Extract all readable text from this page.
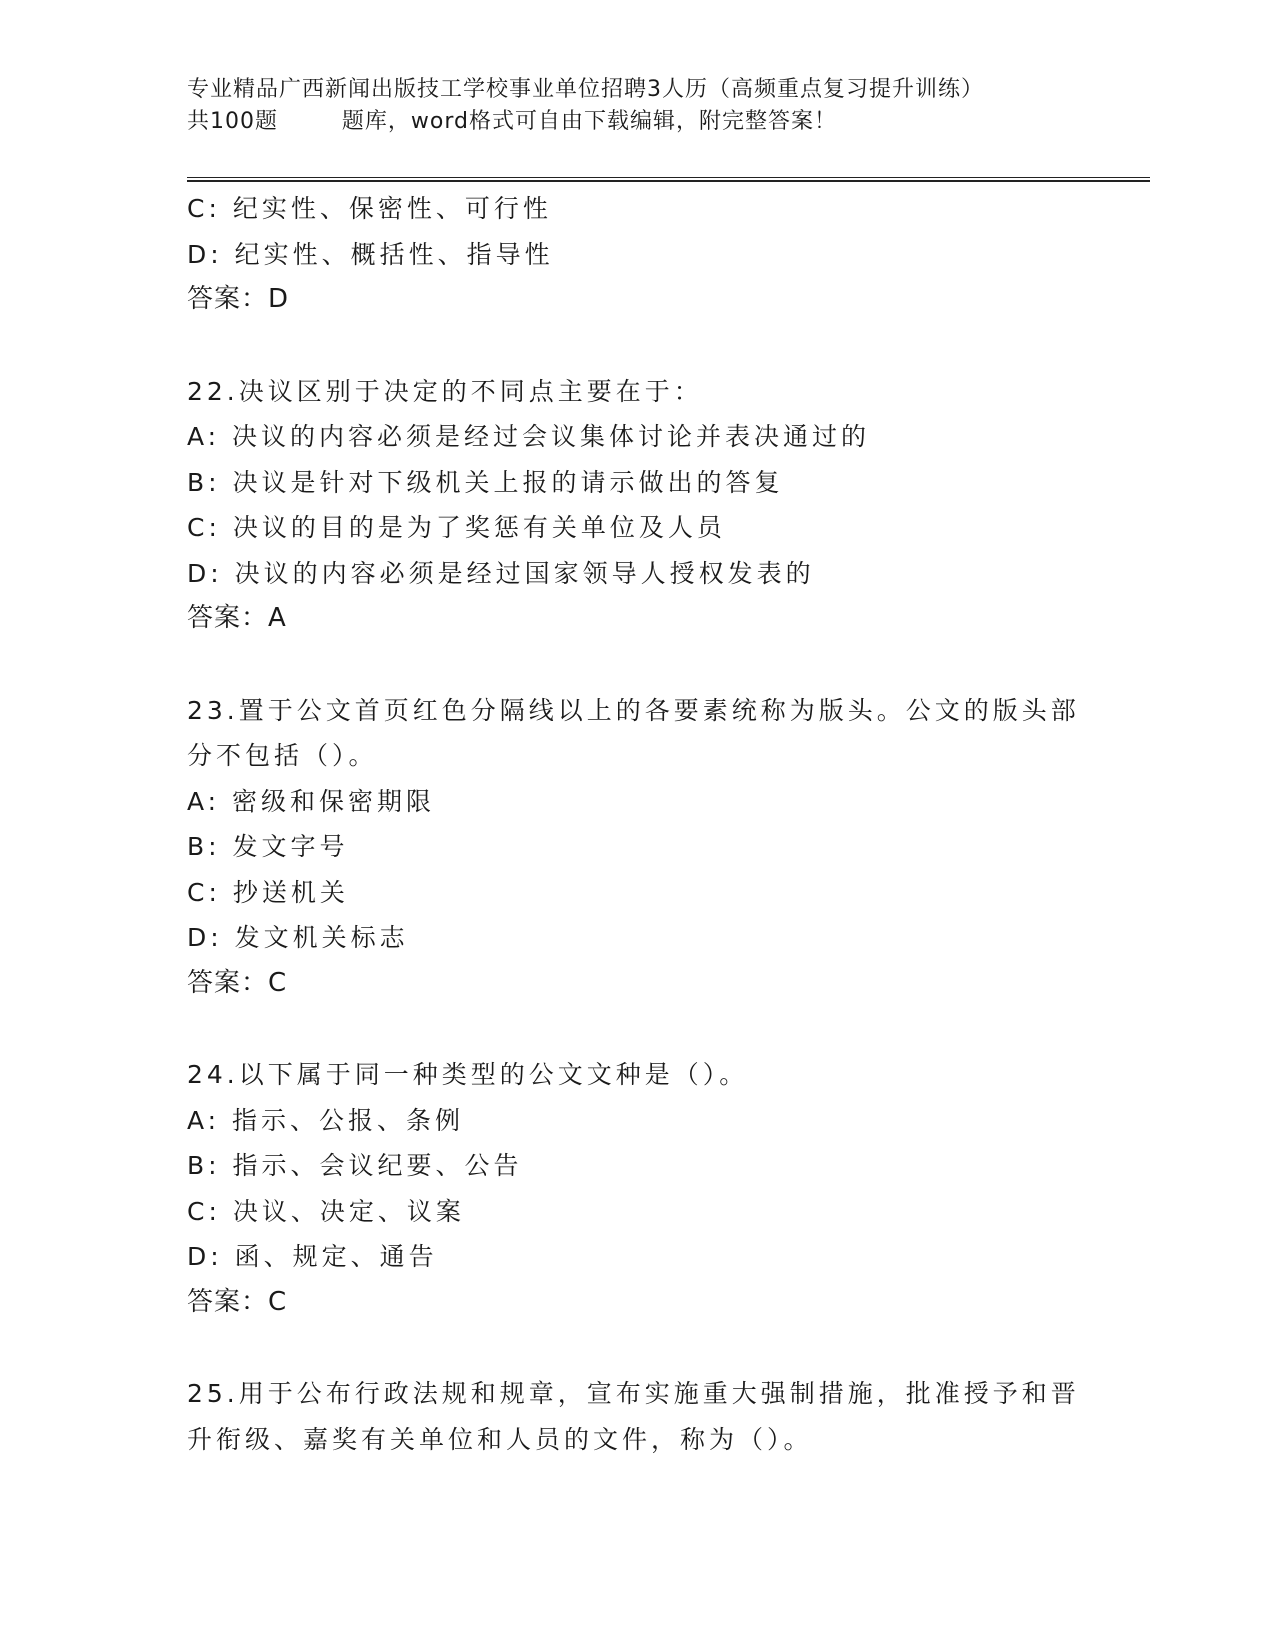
专业精品广西新闻出版技工学校事业单位招聘3人历（高频重点复习提升训练）
共100题        题库，word格式可自由下载编辑，附完整答案！
C: 纪实性、保密性、可行性
D: 纪实性、概括性、指导性
答案：D
22.决议区别于决定的不同点主要在于：
A: 决议的内容必须是经过会议集体讨论并表决通过的
B: 决议是针对下级机关上报的请示做出的答复
C: 决议的目的是为了奖惩有关单位及人员
D: 决议的内容必须是经过国家领导人授权发表的
答案：A
23.置于公文首页红色分隔线以上的各要素统称为版头。公文的版头部
分不包括（）。
A: 密级和保密期限
B: 发文字号
C: 抄送机关
D: 发文机关标志
答案：C
24.以下属于同一种类型的公文文种是（）。
A: 指示、公报、条例
B: 指示、会议纪要、公告
C: 决议、决定、议案
D: 函、规定、通告
答案：C
25.用于公布行政法规和规章，宣布实施重大强制措施，批准授予和晋
升衔级、嘉奖有关单位和人员的文件，称为（）。
